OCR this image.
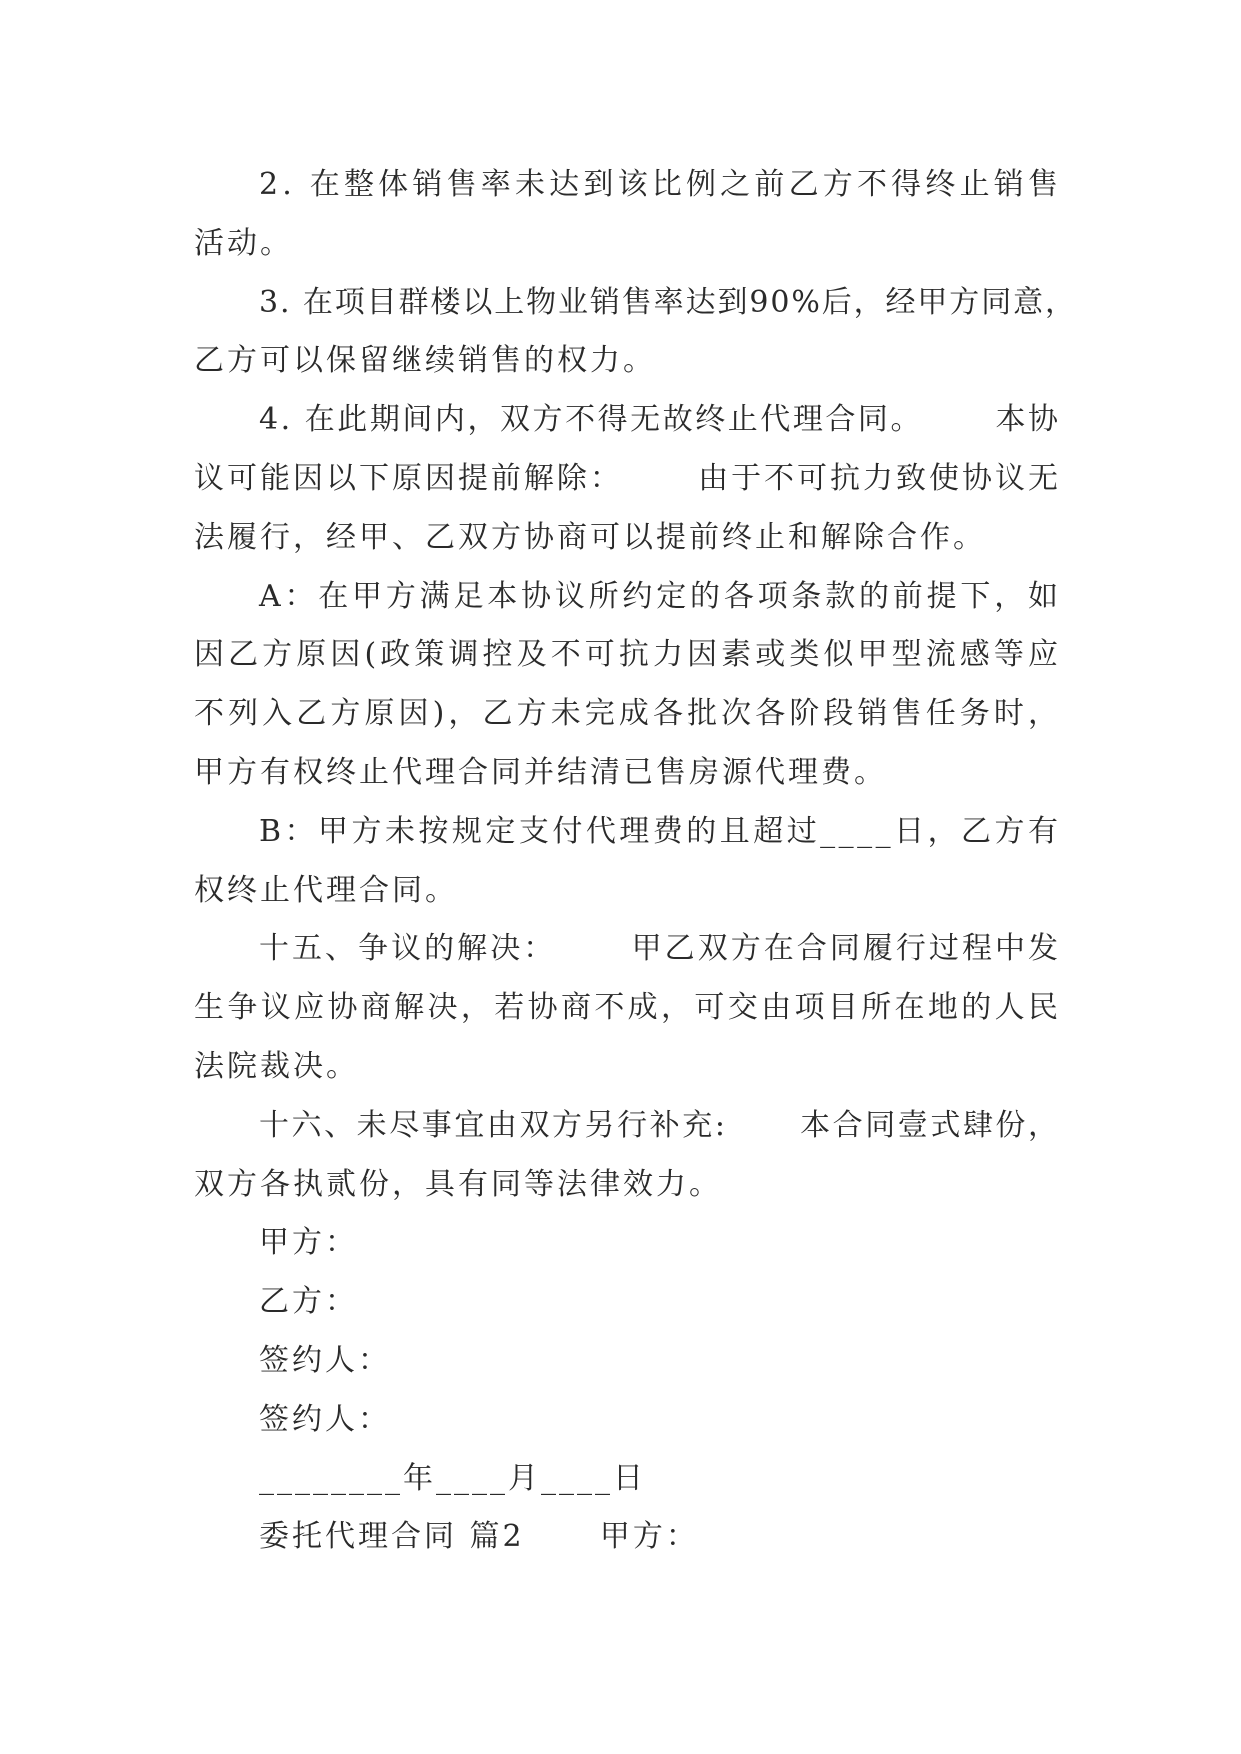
2. 在整体销售率未达到该比例之前乙方不得终止销售
活动。
3. 在项目群楼以上物业销售率达到90%后，经甲方同意，
乙方可以保留继续销售的权力。
4. 在此期间内，双方不得无故终止代理合同。      本协
议可能因以下原因提前解除：      由于不可抗力致使协议无
法履行，经甲、乙双方协商可以提前终止和解除合作。
A：在甲方满足本协议所约定的各项条款的前提下，如
因乙方原因(政策调控及不可抗力因素或类似甲型流感等应
不列入乙方原因)，乙方未完成各批次各阶段销售任务时，
甲方有权终止代理合同并结清已售房源代理费。
B：甲方未按规定支付代理费的且超过____日，乙方有
权终止代理合同。
十五、争议的解决：      甲乙双方在合同履行过程中发
生争议应协商解决，若协商不成，可交由项目所在地的人民
法院裁决。
十六、未尽事宜由双方另行补充:      本合同壹式肆份，
双方各执贰份，具有同等法律效力。
甲方：
乙方：
签约人：
签约人：
________年____月____日
委托代理合同 篇2      甲方：
